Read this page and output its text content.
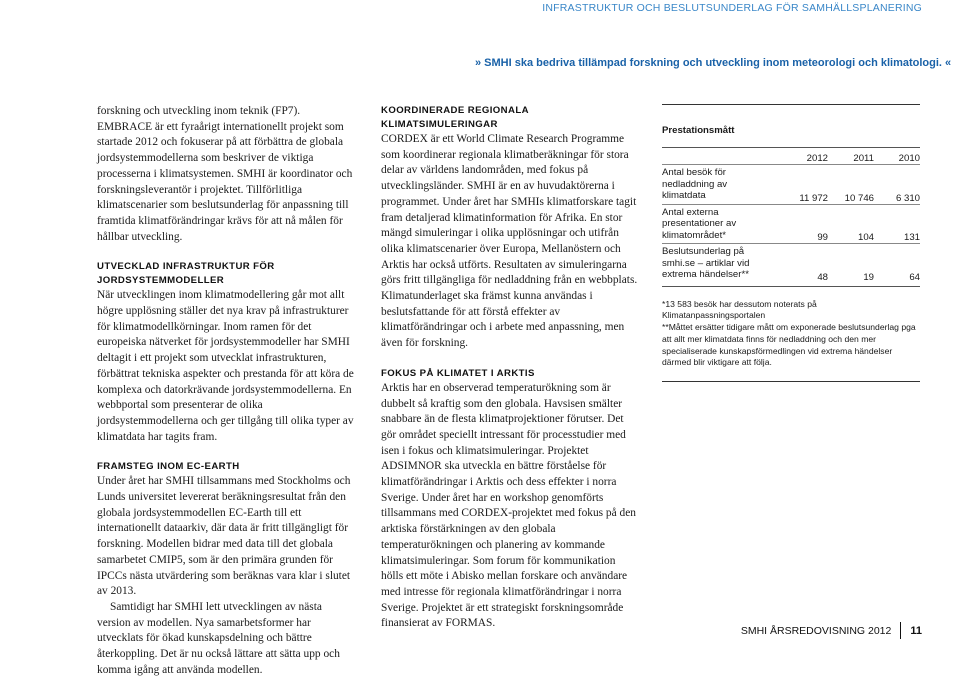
INFRASTRUKTUR OCH BESLUTSUNDERLAG FÖR SAMHÄLLSPLANERING
» SMHI ska bedriva tillämpad forskning och utveckling inom meteorologi och klimatologi. «

forskning och utveckling inom teknik (FP7). EMBRACE är ett fyraårigt internationellt projekt som startade 2012 och fokuserar på att förbättra de globala jordsystemmodellerna som beskriver de viktiga processerna i klimatsystemen. SMHI är koordinator och forskningsleverantör i projektet. Tillförlitliga klimatscenarier som beslutsunderlag för anpassning till framtida klimatförändringar krävs för att nå målen för hållbar utveckling.

UTVECKLAD INFRASTRUKTUR FÖR JORDSYSTEMMODELLER

När utvecklingen inom klimatmodellering går mot allt högre upplösning ställer det nya krav på infrastrukturer för klimatmodellkörningar. Inom ramen för det europeiska nätverket för jordsystemmodeller har SMHI deltagit i ett projekt som utvecklat infrastrukturen, förbättrat tekniska aspekter och prestanda för att köra de komplexa och datorkrävande jordsystemmodellerna. En webbportal som presenterar de olika jordsystemmodellerna och ger tillgång till olika typer av klimatdata har tagits fram.

FRAMSTEG INOM EC-EARTH

Under året har SMHI tillsammans med Stockholms och Lunds universitet levererat beräkningsresultat från den globala jordsystemmodellen EC-Earth till ett internationellt dataarkiv, där data är fritt tillgängligt för forskning. Modellen bidrar med data till det globala samarbetet CMIP5, som är den primära grunden för IPCCs nästa utvärdering som beräknas vara klar i slutet av 2013.

Samtidigt har SMHI lett utvecklingen av nästa version av modellen. Nya samarbetsformer har utvecklats för ökad kunskapsdelning och bättre återkoppling. Det är nu också lättare att sätta upp och komma igång att använda modellen.

KOORDINERADE REGIONALA KLIMATSIMULERINGAR

CORDEX är ett World Climate Research Programme som koordinerar regionala klimatberäkningar för stora delar av världens landområden, med fokus på utvecklingsländer. SMHI är en av huvudaktörerna i programmet. Under året har SMHIs klimatforskare tagit fram detaljerad klimatinformation för Afrika. En stor mängd simuleringar i olika upplösningar och utifrån olika klimatscenarier över Europa, Mellanöstern och Arktis har också utförts. Resultaten av simuleringarna görs fritt tillgängliga för nedladdning från en webbplats. Klimatunderlaget ska främst kunna användas i beslutsfattande för att förstå effekter av klimatförändringar och i arbete med anpassning, men även för forskning.

FOKUS PÅ KLIMATET I ARKTIS

Arktis har en observerad temperaturökning som är dubbelt så kraftig som den globala. Havsisen smälter snabbare än de flesta klimatprojektioner förutser. Det gör området speciellt intressant för processtudier med isen i fokus och klimatsimuleringar. Projektet ADSIMNOR ska utveckla en bättre förståelse för klimatförändringar i Arktis och dess effekter i norra Sverige. Under året har en workshop genomförts tillsammans med CORDEX-projektet med fokus på den arktiska förstärkningen av den globala temperaturökningen och planering av kommande klimatsimuleringar. Som forum för kommunikation hölls ett möte i Abisko mellan forskare och användare med intresse för regionala klimatförändringar i norra Sverige. Projektet är ett strategiskt forskningsområde finansierat av FORMAS.

Prestationsmått
	2012	2011	2010
Antal besök för nedladdning av klimatdata	11 972	10 746	6 310
Antal externa presentationer av klimatområdet*	99	104	131
Beslutsunderlag på smhi.se – artiklar vid extrema händelser**	48	19	64

*13 583 besök har dessutom noterats på Klimatanpassningsportalen

**Måttet ersätter tidigare mått om exponerade beslutsunderlag pga att allt mer klimatdata finns för nedladdning och den mer specialiserade kunskapsförmedlingen vid extrema händelser därmed blir viktigare att följa.

SMHI ÅRSREDOVISNING 2012 11
